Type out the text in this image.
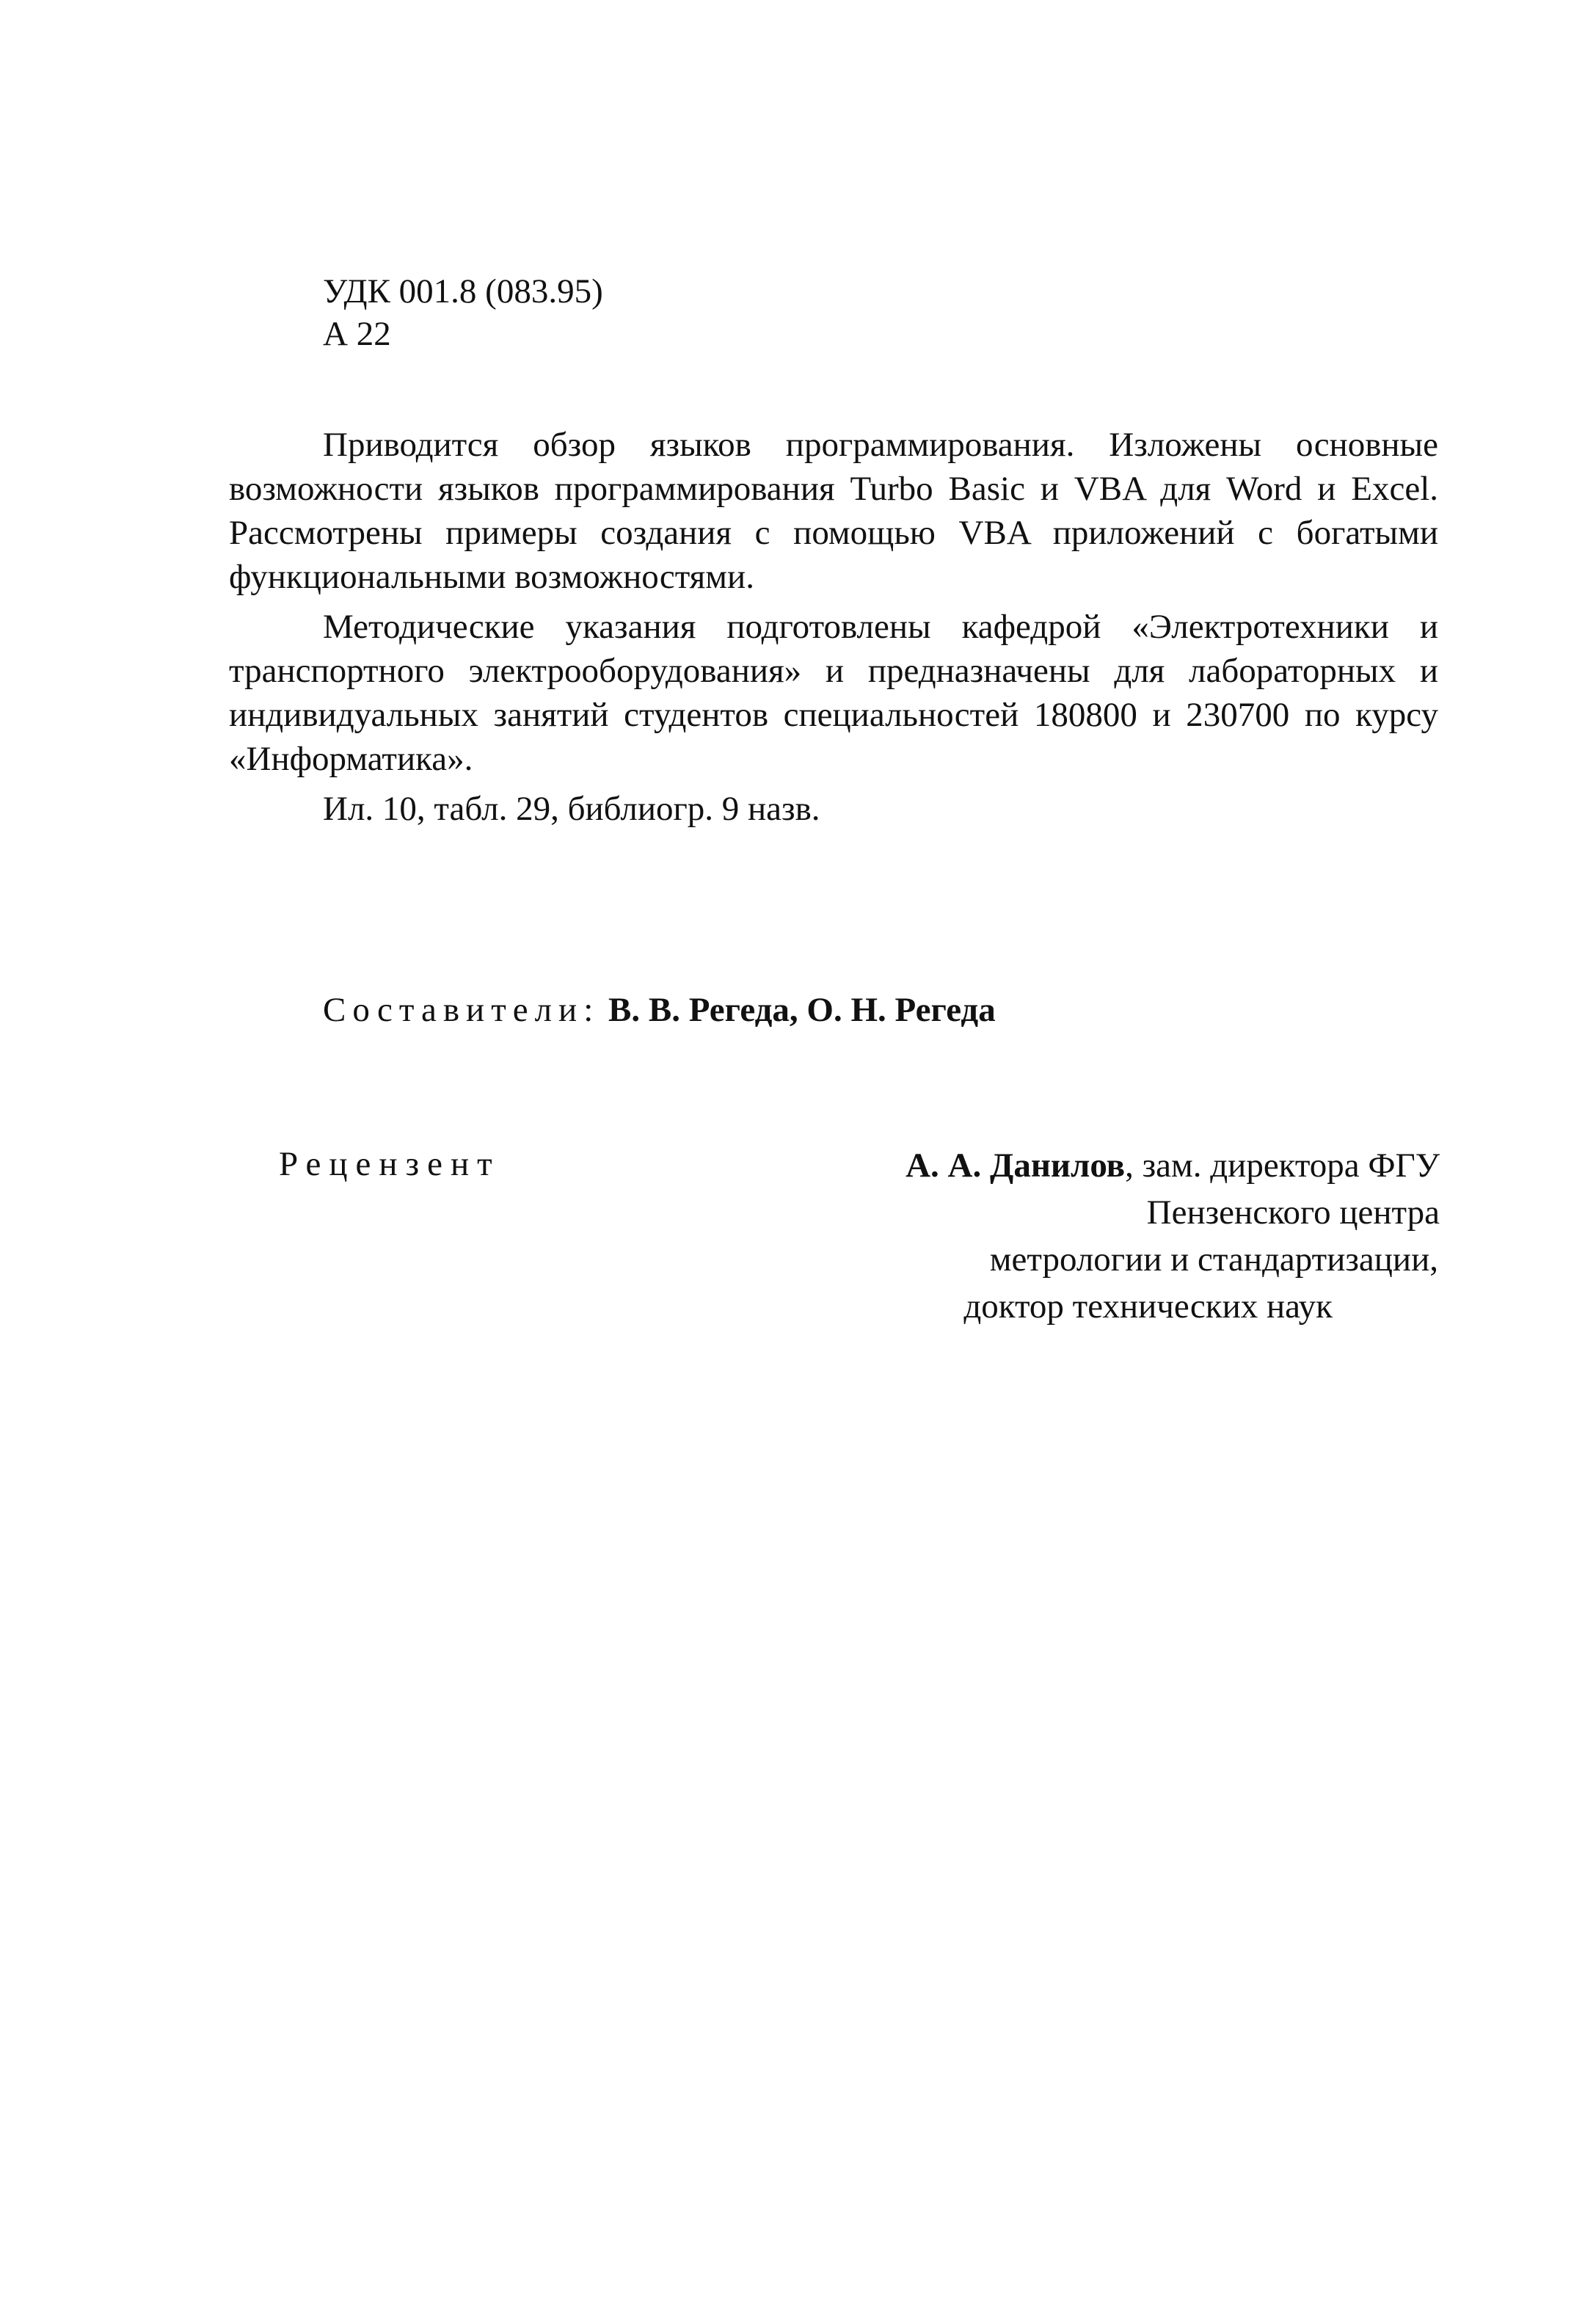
УДК 001.8 (083.95)
А 22

Приводится обзор языков программирования. Изложены основные возможности языков программирования Turbo Basic и VBA для Word и Excel. Рассмотрены примеры создания с помощью VBA приложений с богатыми функциональными возможностями.

Методические указания подготовлены кафедрой «Электротехники и транспортного электрооборудования» и предназначены для лабораторных и индивидуальных занятий студентов специальностей 180800 и 230700 по курсу «Информатика».

Ил. 10, табл. 29, библиогр. 9 назв.

Составители: В. В. Регеда, О. Н. Регеда
Рецензент	А. А. Данилов, зам. директора ФГУ
Пензенского центра
метрологии и стандартизации,
доктор технических наук
